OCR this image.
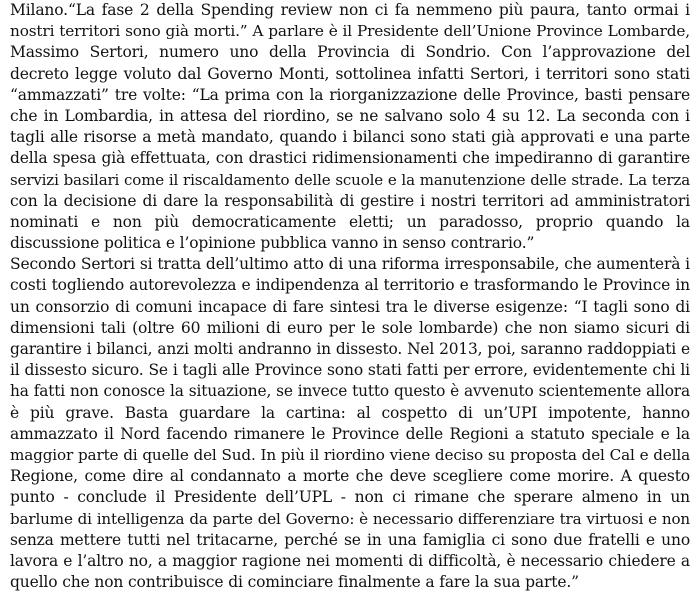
Milano.“La fase 2 della Spending review non ci fa nemmeno più paura, tanto ormai i
nostri territori sono già morti.” A parlare è il Presidente dell’Unione Province Lombarde,
Massimo Sertori, numero uno della Provincia di Sondrio. Con l’approvazione del
decreto legge voluto dal Governo Monti, sottolinea infatti Sertori, i territori sono stati
“ammazzati” tre volte: “La prima con la riorganizzazione delle Province, basti pensare
che in Lombardia, in attesa del riordino, se ne salvano solo 4 su 12. La seconda con i
tagli alle risorse a metà mandato, quando i bilanci sono stati già approvati e una parte
della spesa già effettuata, con drastici ridimensionamenti che impediranno di garantire
servizi basilari come il riscaldamento delle scuole e la manutenzione delle strade. La terza
con la decisione di dare la responsabilità di gestire i nostri territori ad amministratori
nominati e non più democraticamente eletti; un paradosso, proprio quando la
discussione politica e l’opinione pubblica vanno in senso contrario.”
Secondo Sertori si tratta dell’ultimo atto di una riforma irresponsabile, che aumenterà i
costi togliendo autorevolezza e indipendenza al territorio e trasformando le Province in
un consorzio di comuni incapace di fare sintesi tra le diverse esigenze: “I tagli sono di
dimensioni tali (oltre 60 milioni di euro per le sole lombarde) che non siamo sicuri di
garantire i bilanci, anzi molti andranno in dissesto. Nel 2013, poi, saranno raddoppiati e
il dissesto sicuro. Se i tagli alle Province sono stati fatti per errore, evidentemente chi li
ha fatti non conosce la situazione, se invece tutto questo è avvenuto scientemente allora
è più grave. Basta guardare la cartina: al cospetto di un’UPI impotente, hanno
ammazzato il Nord facendo rimanere le Province delle Regioni a statuto speciale e la
maggior parte di quelle del Sud. In più il riordino viene deciso su proposta del Cal e della
Regione, come dire al condannato a morte che deve scegliere come morire. A questo
punto - conclude il Presidente dell’UPL - non ci rimane che sperare almeno in un
barlume di intelligenza da parte del Governo: è necessario differenziare tra virtuosi e non
senza mettere tutti nel tritacarne, perché se in una famiglia ci sono due fratelli e uno
lavora e l’altro no, a maggior ragione nei momenti di difficoltà, è necessario chiedere a
quello che non contribuisce di cominciare finalmente a fare la sua parte.”
